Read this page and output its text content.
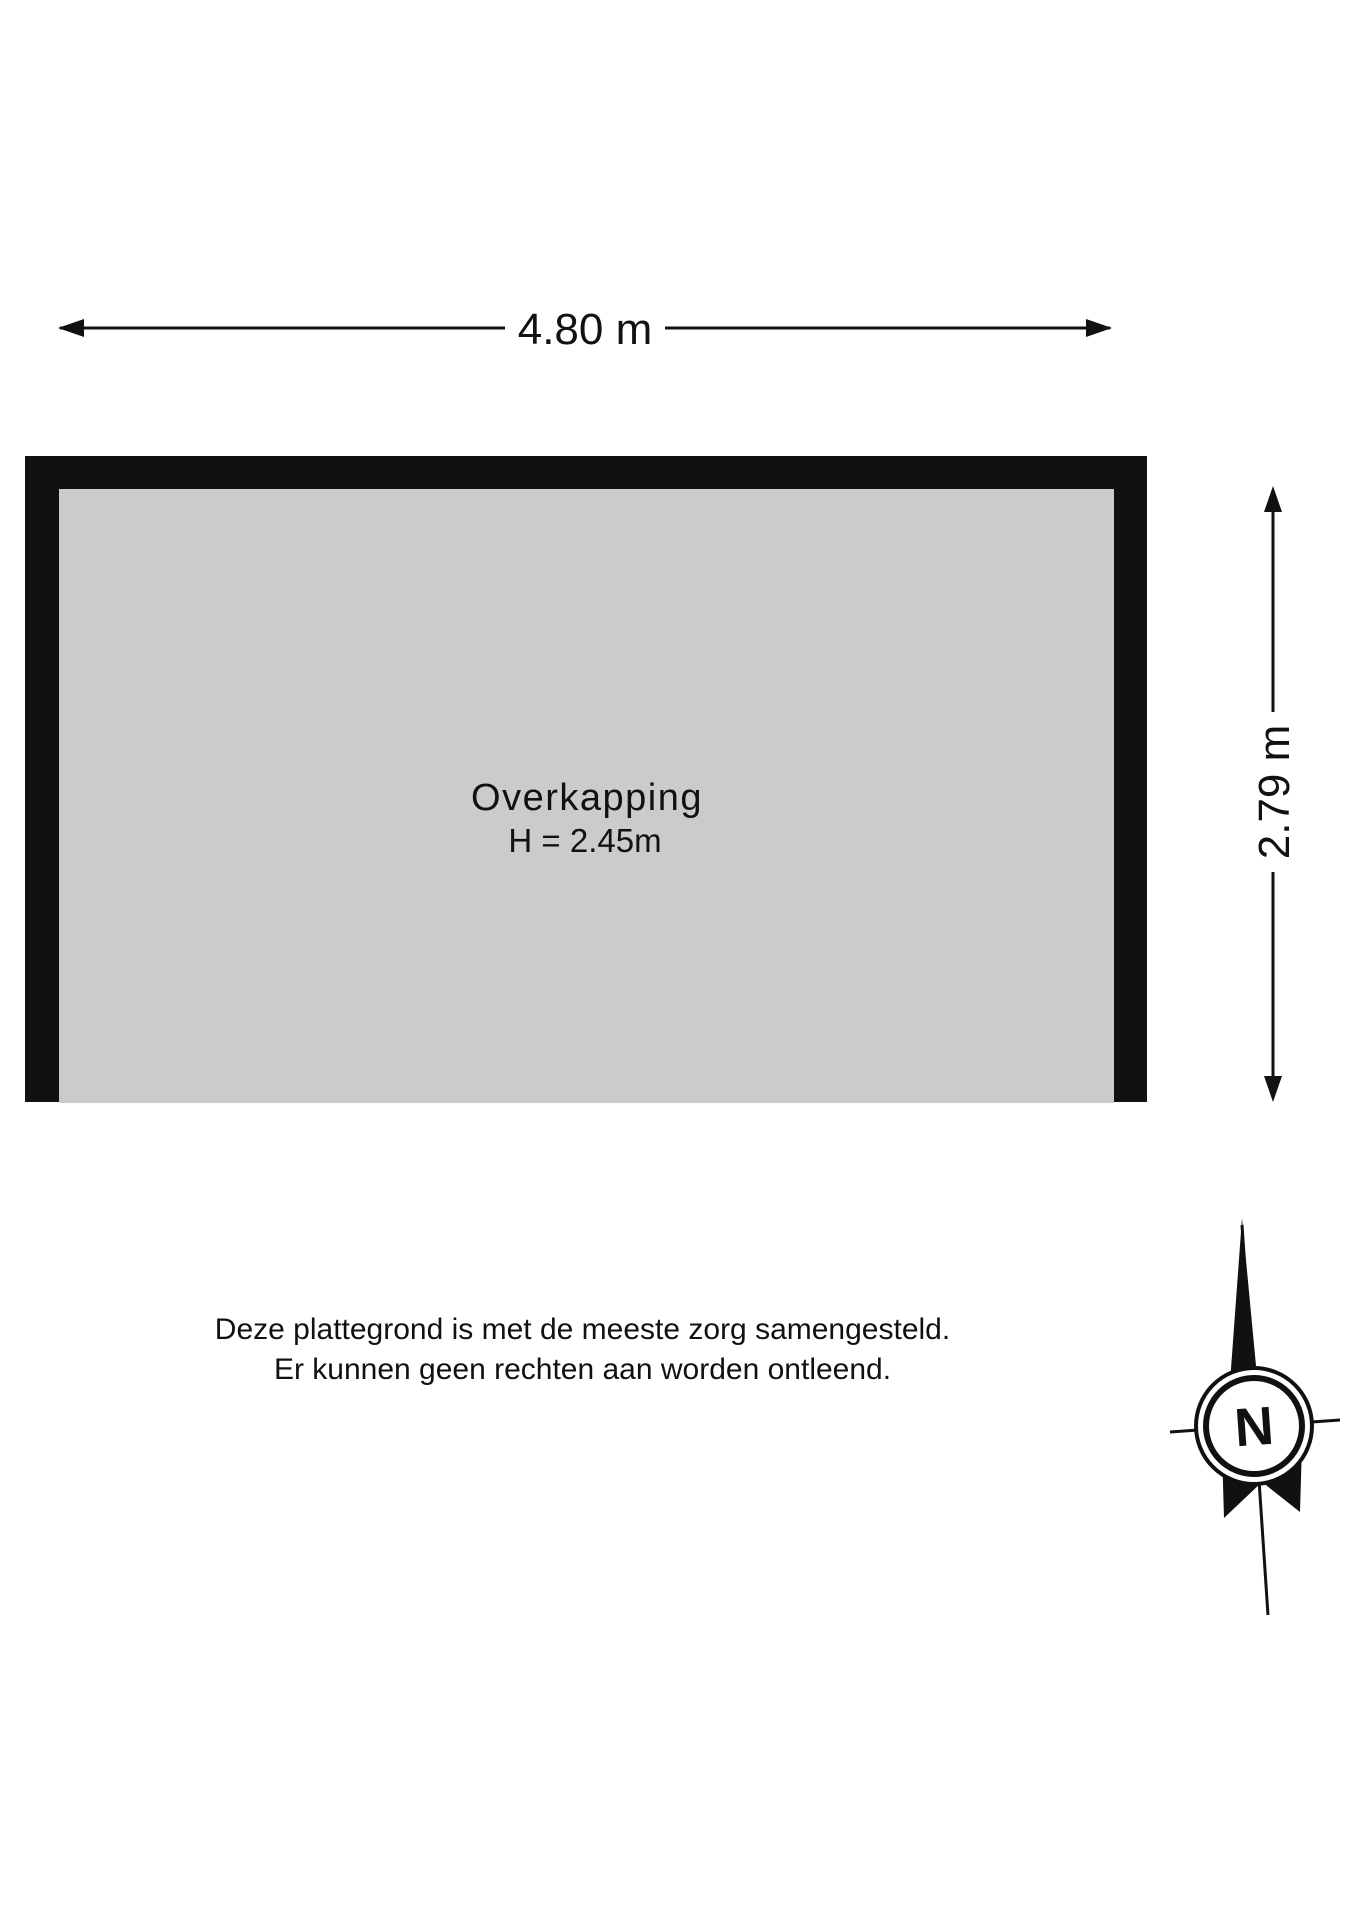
4.80 m
Overkapping
H = 2.45m	2.79 m
N
Deze plattegrond is met de meeste zorg samengesteld.
Er kunnen geen rechten aan worden ontleend.
